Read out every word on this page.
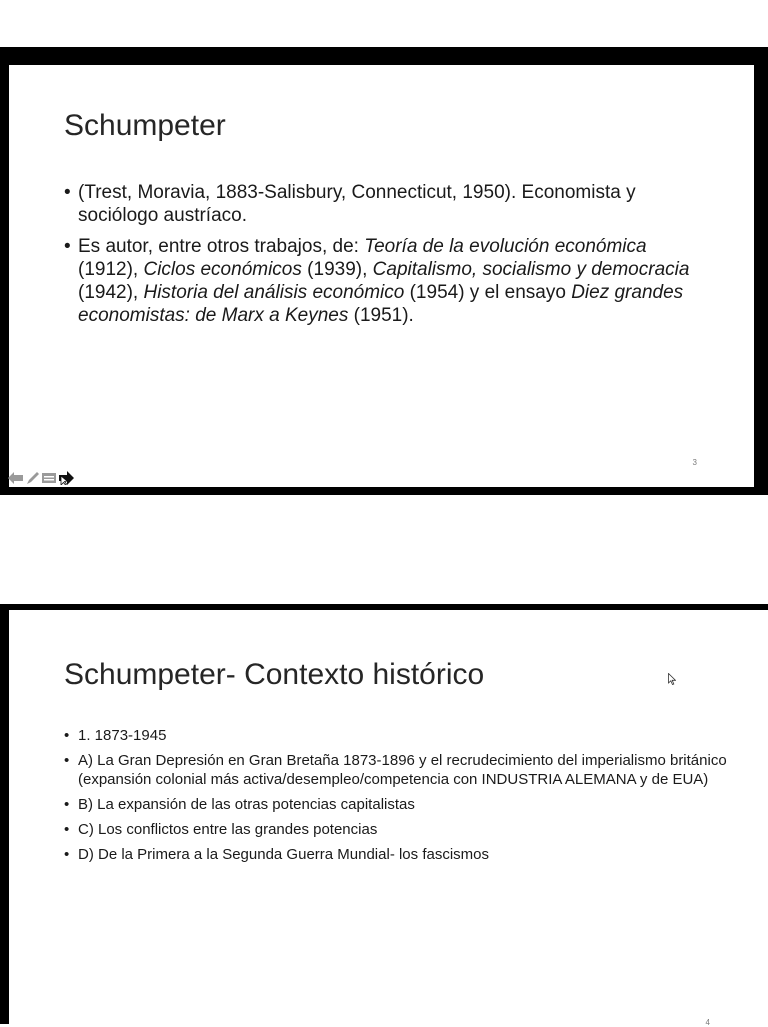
Schumpeter
• (Trest, Moravia, 1883-Salisbury, Connecticut, 1950). Economista y sociólogo austríaco.
• Es autor, entre otros trabajos, de: Teoría de la evolución económica (1912), Ciclos económicos (1939), Capitalismo, socialismo y democracia (1942), Historia del análisis económico (1954) y el ensayo Diez grandes economistas: de Marx a Keynes (1951).
3
Schumpeter- Contexto histórico
• 1. 1873-1945
• A) La Gran Depresión en Gran Bretaña 1873-1896 y el recrudecimiento del imperialismo británico (expansión colonial más activa/desempleo/competencia con INDUSTRIA ALEMANA y de EUA)
• B) La expansión de las otras potencias capitalistas
• C) Los conflictos entre las grandes potencias
• D) De la Primera a la Segunda Guerra Mundial- los fascismos
4
